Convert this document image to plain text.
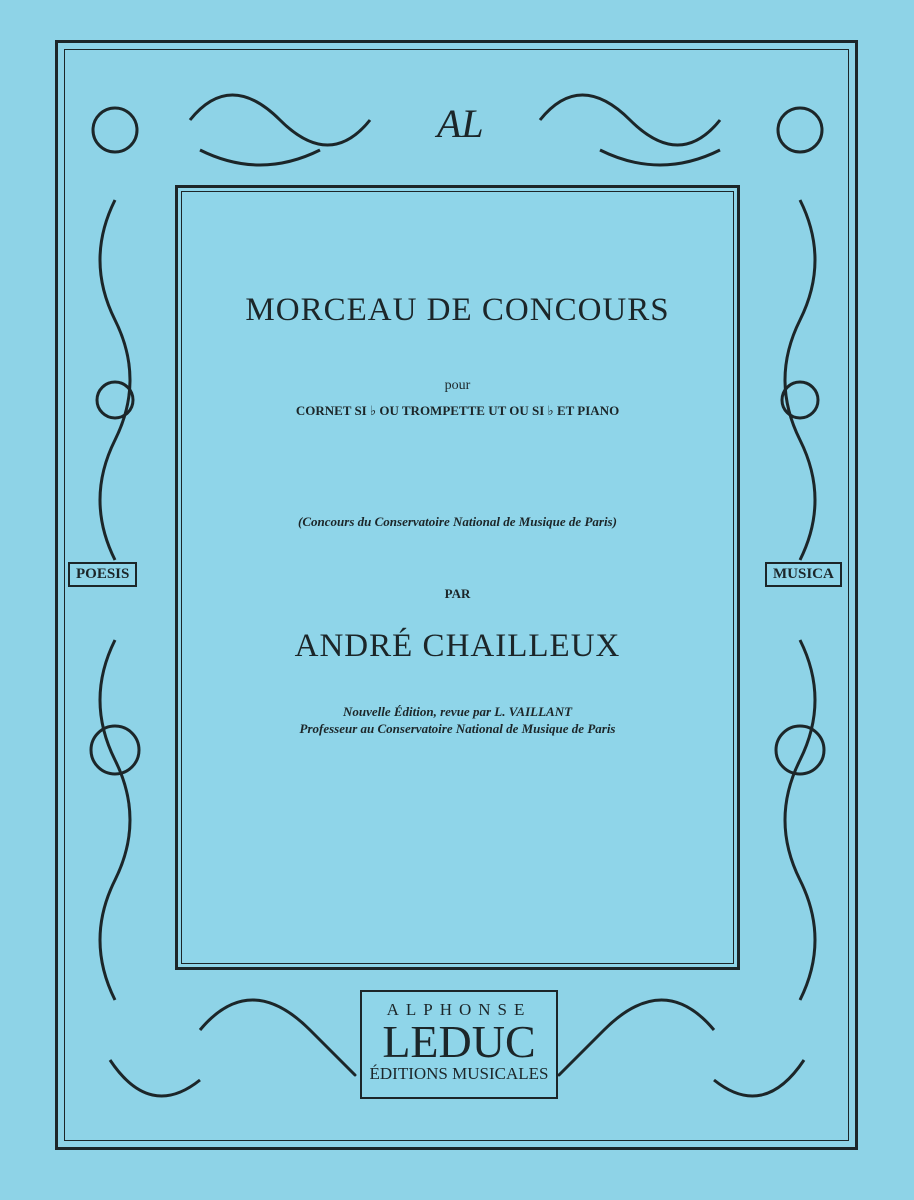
AL
POESIS	MUSICA
MORCEAU DE CONCOURS
pour
CORNET SI ♭ OU TROMPETTE UT OU SI ♭ ET PIANO
(Concours du Conservatoire National de Musique de Paris)
PAR
ANDRÉ CHAILLEUX
Nouvelle Édition, revue par L. VAILLANT
Professeur au Conservatoire National de Musique de Paris
ALPHONSE
LEDUC
ÉDITIONS MUSICALES
